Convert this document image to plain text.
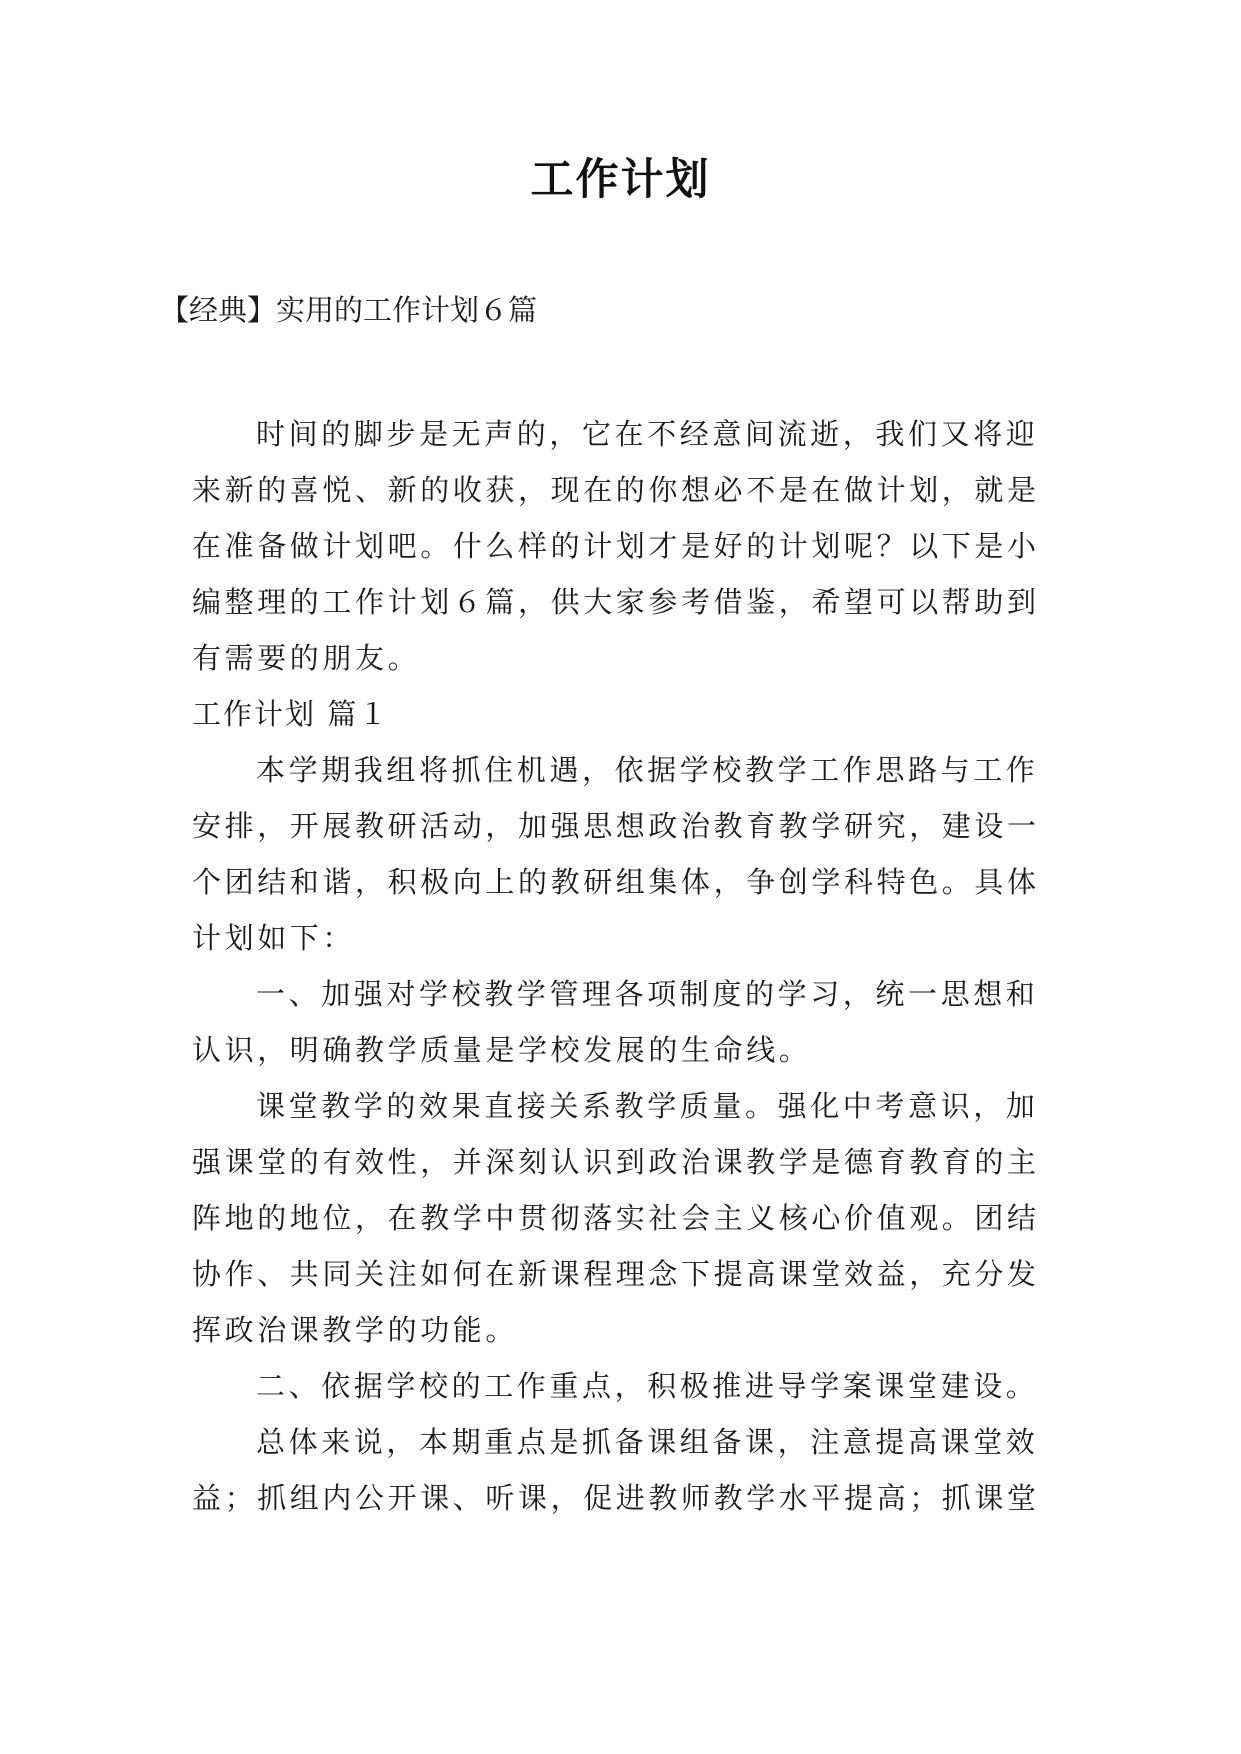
工作计划
【经典】实用的工作计划６篇
时间的脚步是无声的，它在不经意间流逝，我们又将迎
来新的喜悦、新的收获，现在的你想必不是在做计划，就是
在准备做计划吧。什么样的计划才是好的计划呢？以下是小
编整理的工作计划６篇，供大家参考借鉴，希望可以帮助到
有需要的朋友。
工作计划 篇１
本学期我组将抓住机遇，依据学校教学工作思路与工作
安排，开展教研活动，加强思想政治教育教学研究，建设一
个团结和谐，积极向上的教研组集体，争创学科特色。具体
计划如下：
一、加强对学校教学管理各项制度的学习，统一思想和
认识，明确教学质量是学校发展的生命线。
课堂教学的效果直接关系教学质量。强化中考意识，加
强课堂的有效性，并深刻认识到政治课教学是德育教育的主
阵地的地位，在教学中贯彻落实社会主义核心价值观。团结
协作、共同关注如何在新课程理念下提高课堂效益，充分发
挥政治课教学的功能。
二、依据学校的工作重点，积极推进导学案课堂建设。
总体来说，本期重点是抓备课组备课，注意提高课堂效
益；抓组内公开课、听课，促进教师教学水平提高；抓课堂
